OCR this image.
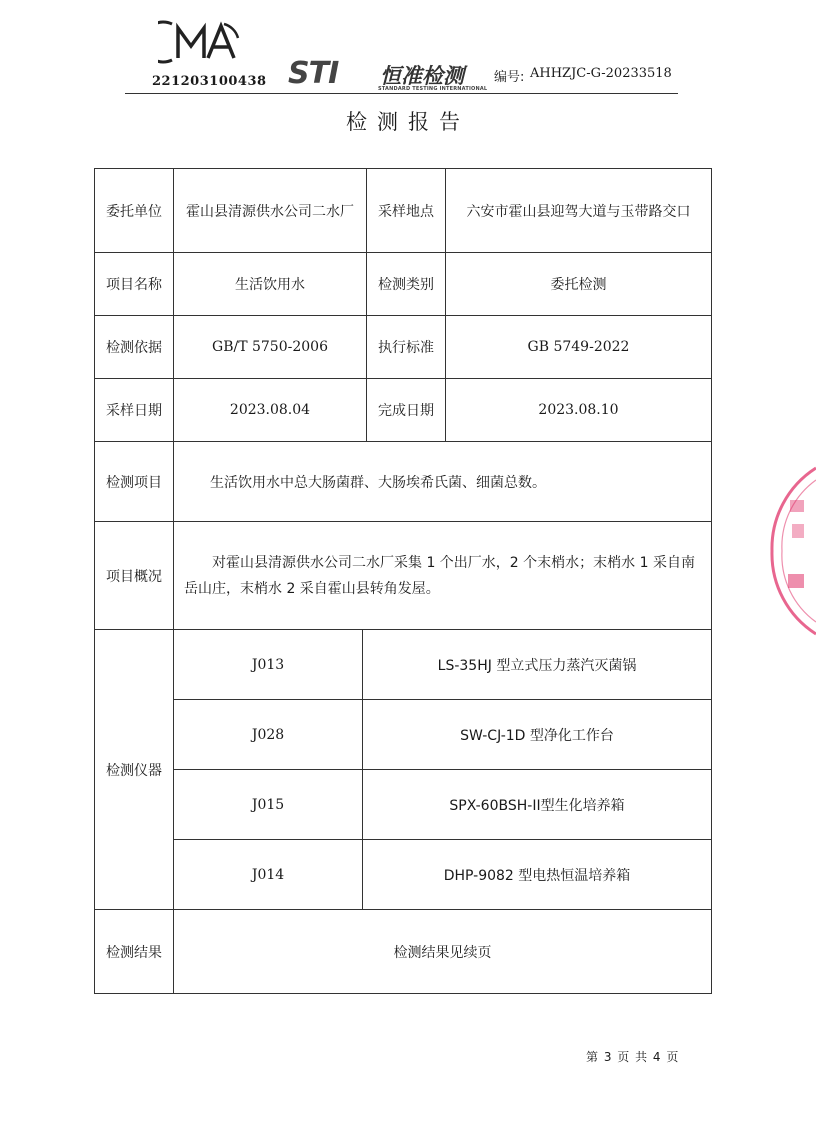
221203100438 STI 恒准检测
STANDARD TESTING INTERNATIONAL
编号: AHHZJC-G-20233518
检测报告
委托单位	霍山县清源供水公司二水厂	采样地点	六安市霍山县迎驾大道与玉带路交口
项目名称	生活饮用水	检测类别	委托检测
检测依据	GB/T 5750-2006	执行标准	GB 5749-2022
采样日期	2023.08.04	完成日期	2023.08.10
检测项目	生活饮用水中总大肠菌群、大肠埃希氏菌、细菌总数。
项目概况	对霍山县清源供水公司二水厂采集 1 个出厂水，2 个末梢水；末梢水 1 采自南岳山庄，末梢水 2 采自霍山县转角发屋。
检测仪器	
J013	LS-35HJ 型立式压力蒸汽灭菌锅
J028	SW-CJ-1D 型净化工作台
J015	SPX-60BSH-II型生化培养箱
J014	DHP-9082 型电热恒温培养箱

检测结果	检测结果见续页
第 3 页 共 4 页
